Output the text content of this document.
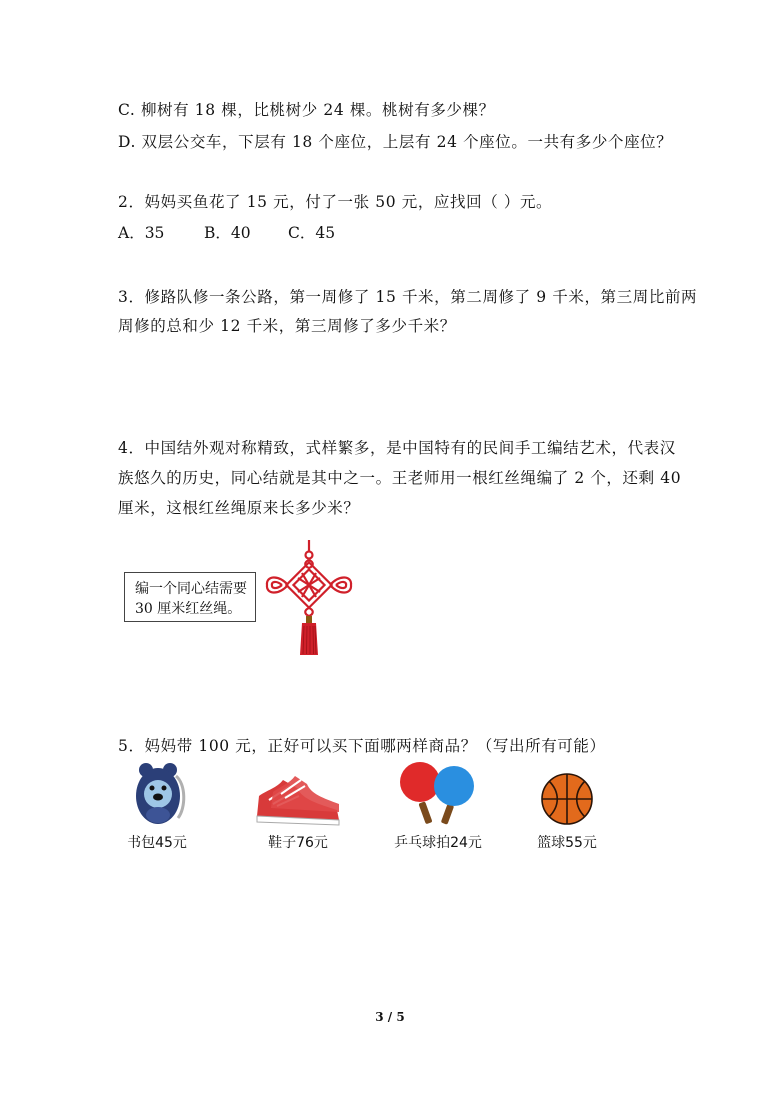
C. 柳树有 18 棵，比桃树少 24 棵。桃树有多少棵？
D. 双层公交车，下层有 18 个座位，上层有 24 个座位。一共有多少个座位？
2．妈妈买鱼花了 15 元，付了一张 50 元，应找回（ ）元。
A．35	B．40 C．45
3．修路队修一条公路，第一周修了 15 千米，第二周修了 9 千米，第三周比前两
周修的总和少 12 千米，第三周修了多少千米？
4．中国结外观对称精致，式样繁多，是中国特有的民间手工编结艺术，代表汉
族悠久的历史，同心结就是其中之一。王老师用一根红丝绳编了 2 个，还剩 40
厘米，这根红丝绳原来长多少米？
编一个同心结需要
30 厘米红丝绳。
5．妈妈带 100 元，正好可以买下面哪两样商品？（写出所有可能）
书包45元	鞋子76元	乒乓球拍24元	篮球55元
3 / 5
